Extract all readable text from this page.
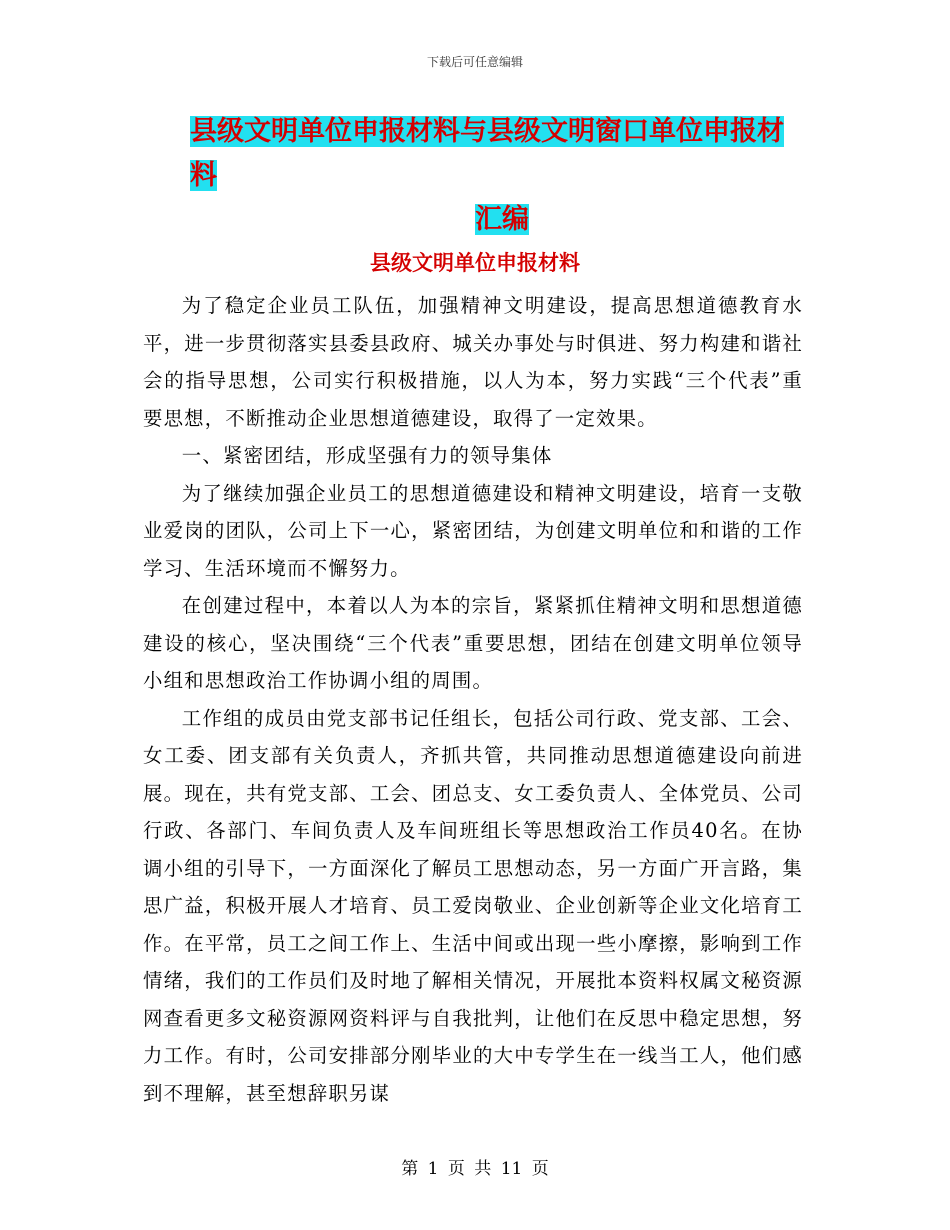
下载后可任意编辑
县级文明单位申报材料与县级文明窗口单位申报材料
汇编
县级文明单位申报材料

为了稳定企业员工队伍，加强精神文明建设，提高思想道德教育水平，进一步贯彻落实县委县政府、城关办事处与时俱进、努力构建和谐社会的指导思想，公司实行积极措施，以人为本，努力实践“三个代表”重要思想，不断推动企业思想道德建设，取得了一定效果。

一、紧密团结，形成坚强有力的领导集体

为了继续加强企业员工的思想道德建设和精神文明建设，培育一支敬业爱岗的团队，公司上下一心，紧密团结，为创建文明单位和和谐的工作学习、生活环境而不懈努力。

在创建过程中，本着以人为本的宗旨，紧紧抓住精神文明和思想道德建设的核心，坚决围绕“三个代表”重要思想，团结在创建文明单位领导小组和思想政治工作协调小组的周围。

工作组的成员由党支部书记任组长，包括公司行政、党支部、工会、女工委、团支部有关负责人，齐抓共管，共同推动思想道德建设向前进展。现在，共有党支部、工会、团总支、女工委负责人、全体党员、公司行政、各部门、车间负责人及车间班组长等思想政治工作员40名。在协调小组的引导下，一方面深化了解员工思想动态，另一方面广开言路，集思广益，积极开展人才培育、员工爱岗敬业、企业创新等企业文化培育工作。在平常，员工之间工作上、生活中间或出现一些小摩擦，影响到工作情绪，我们的工作员们及时地了解相关情况，开展批本资料权属文秘资源网查看更多文秘资源网资料评与自我批判，让他们在反思中稳定思想，努力工作。有时，公司安排部分刚毕业的大中专学生在一线当工人，他们感到不理解，甚至想辞职另谋

第 1 页 共 11 页
